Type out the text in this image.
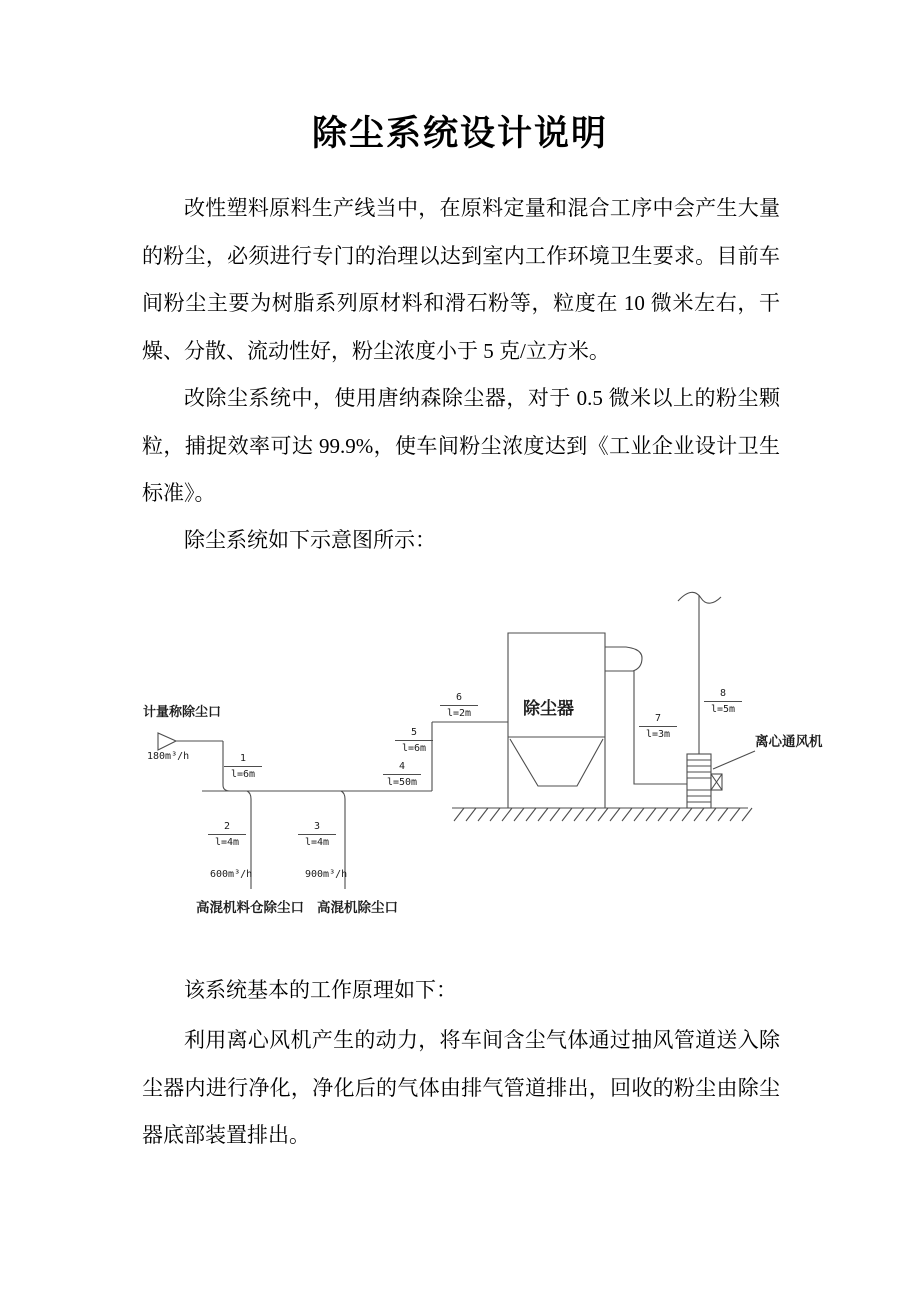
除尘系统设计说明
改性塑料原料生产线当中，在原料定量和混合工序中会产生大量
的粉尘，必须进行专门的治理以达到室内工作环境卫生要求。目前车
间粉尘主要为树脂系列原材料和滑石粉等，粒度在 10 微米左右，干
燥、分散、流动性好，粉尘浓度小于 5 克/立方米。
改除尘系统中，使用唐纳森除尘器，对于 0.5 微米以上的粉尘颗
粒，捕捉效率可达 99.9%，使车间粉尘浓度达到《工业企业设计卫生
标准》。
除尘系统如下示意图所示：
该系统基本的工作原理如下：
利用离心风机产生的动力，将车间含尘气体通过抽风管道送入除
尘器内进行净化，净化后的气体由排气管道排出，回收的粉尘由除尘
器底部装置排出。
计量称除尘口	除尘器
离心通风机
高混机料仓除尘口 高混机除尘口
180m³/h
600m³/h	900m³/h
1
l=6m
2
l=4m
3
l=4m
4
l=50m
5
l=6m
6
l=2m	7
l=3m
8
l=5m
